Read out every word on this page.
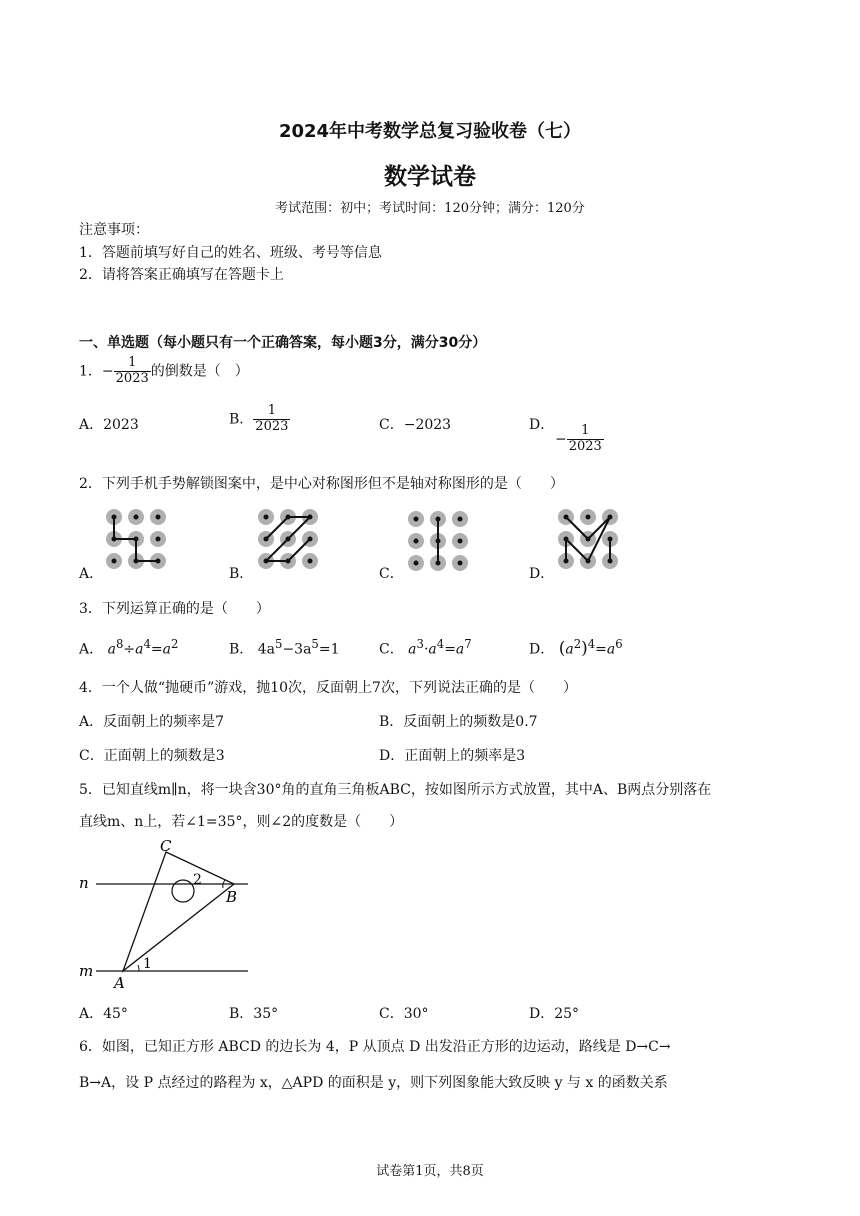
2024年中考数学总复习验收卷（七）
数学试卷
考试范围：初中；考试时间：120分钟；满分：120分
注意事项：
1．答题前填写好自己的姓名、班级、考号等信息
2．请将答案正确填写在答题卡上
一、单选题（每小题只有一个正确答案，每小题3分，满分30分）
1．− $\frac{1}{2023}$ 的倒数是（　）
A．2023	B． $\frac{1}{2023}$	C．−2023	D．
− $\frac{1}{2023}$
2．下列手机手势解锁图案中，是中心对称图形但不是轴对称图形的是（　　）
A．	B．	C．	D．
3．下列运算正确的是（　　）
A． $a^8\div a^4=a^2$	B． $4a^5-3a^5=1$	C． $a^3\cdot a^4=a^7$	D． $(a^2)^4=a^6$
4．一个人做“抛硬币”游戏，抛10次，反面朝上7次，下列说法正确的是（　　）
A．反面朝上的频率是7	B．反面朝上的频数是0.7
C．正面朝上的频数是3	D．正面朝上的频率是3
5．已知直线m∥n，将一块含30°角的直角三角板ABC，按如图所示方式放置，其中A、B两点分别落在
直线m、n上，若∠1=35°，则∠2的度数是（　　）
C
n	2
B
m	1
A
A．45°	B．35°	C．30°	D．25°
6．如图，已知正方形 ABCD 的边长为 4，P 从顶点 D 出发沿正方形的边运动，路线是 D→C→
B→A，设 P 点经过的路程为 x，△APD 的面积是 y，则下列图象能大致反映 y 与 x 的函数关系
试卷第1页，共8页
